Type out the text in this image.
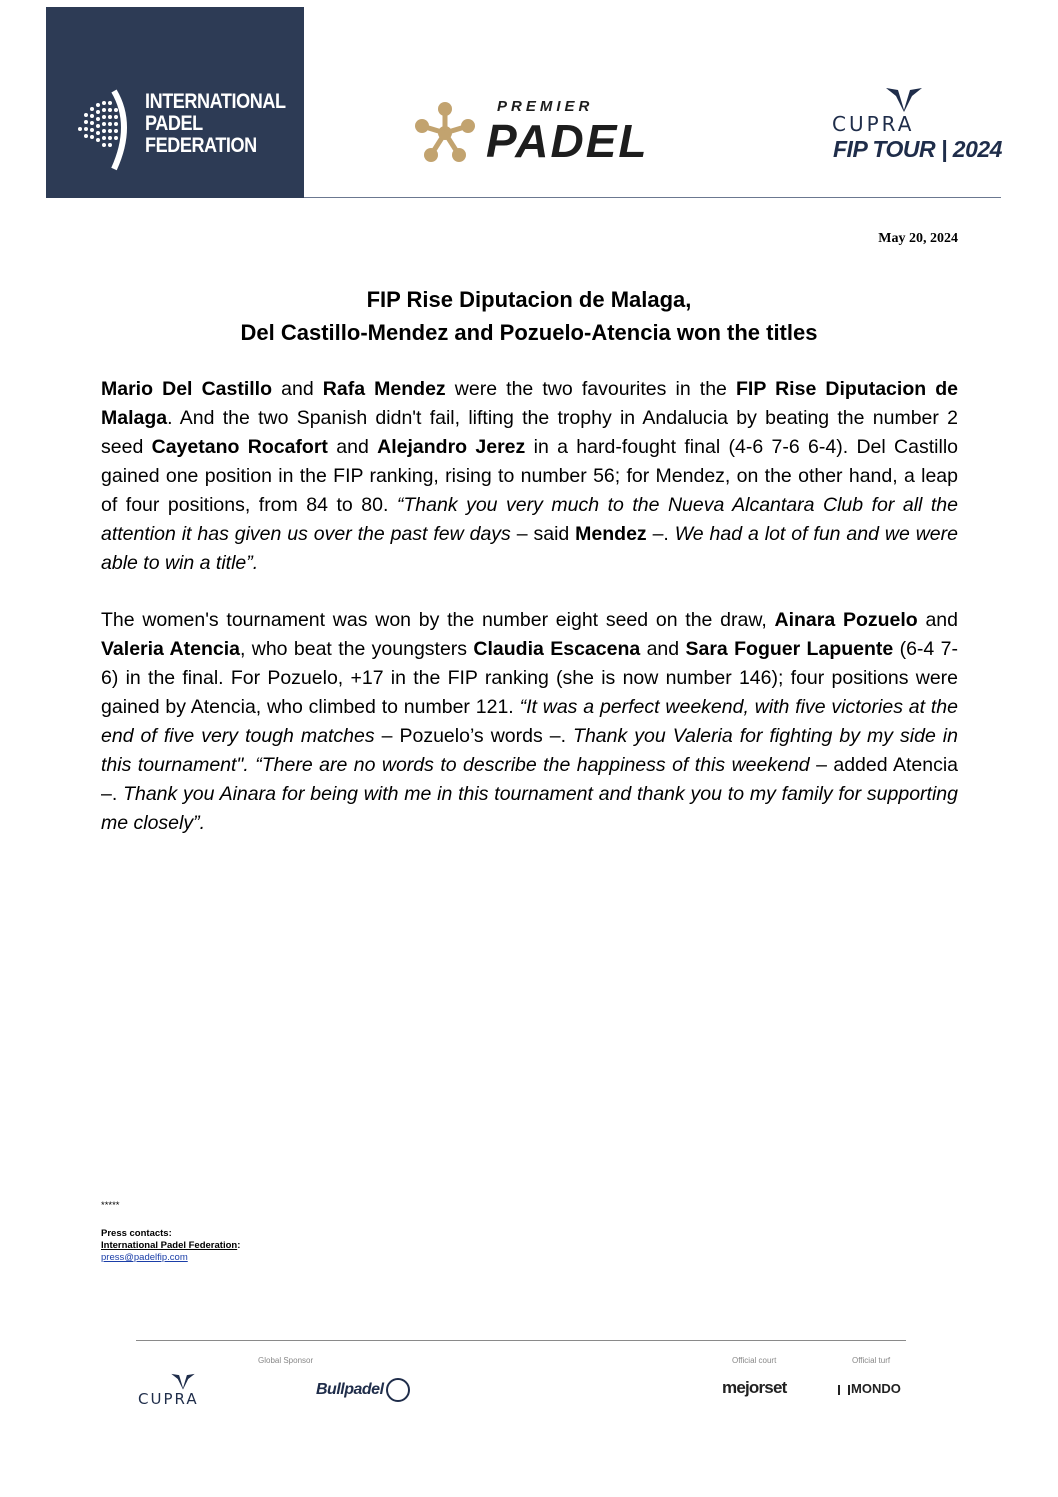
INTERNATIONAL
PADEL
FEDERATION
PREMIER
PADEL	CUPRA
FIP TOUR | 2024
May 20, 2024
FIP Rise Diputacion de Malaga,
Del Castillo-Mendez and Pozuelo-Atencia won the titles

Mario Del Castillo and Rafa Mendez were the two favourites in the FIP Rise Diputacion de Malaga. And the two Spanish didn't fail, lifting the trophy in Andalucia by beating the number 2 seed Cayetano Rocafort and Alejandro Jerez in a hard-fought final (4-6 7-6 6-4). Del Castillo gained one position in the FIP ranking, rising to number 56; for Mendez, on the other hand, a leap of four positions, from 84 to 80. “Thank you very much to the Nueva Alcantara Club for all the attention it has given us over the past few days – said Mendez –. We had a lot of fun and we were able to win a title”.

The women's tournament was won by the number eight seed on the draw, Ainara Pozuelo and Valeria Atencia, who beat the youngsters Claudia Escacena and Sara Foguer Lapuente (6-4 7-6) in the final. For Pozuelo, +17 in the FIP ranking (she is now number 146); four positions were gained by Atencia, who climbed to number 121. “It was a perfect weekend, with five victories at the end of five very tough matches – Pozuelo’s words –. Thank you Valeria for fighting by my side in this tournament". “There are no words to describe the happiness of this weekend – added Atencia –. Thank you Ainara for being with me in this tournament and thank you to my family for supporting me closely”.

*****
Press contacts:
International Padel Federation:
press@padelfip.com
Global Sponsor	Official court	Official turf
CUPRA
Bullpadel	mejorset	MONDO
